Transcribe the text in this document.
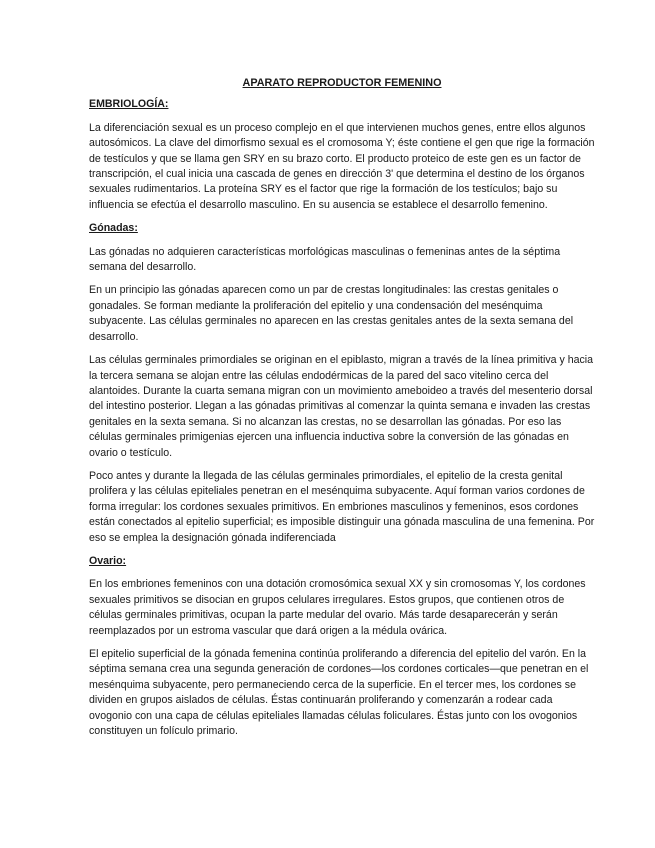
APARATO REPRODUCTOR FEMENINO
EMBRIOLOGÍA:

La diferenciación sexual es un proceso complejo en el que intervienen muchos genes, entre ellos algunos autosómicos. La clave del dimorfismo sexual es el cromosoma Y; éste contiene el gen que rige la formación de testículos y que se llama gen SRY en su brazo corto. El producto proteico de este gen es un factor de transcripción, el cual inicia una cascada de genes en dirección 3' que determina el destino de los órganos sexuales rudimentarios. La proteína SRY es el factor que rige la formación de los testículos; bajo su influencia se efectúa el desarrollo masculino. En su ausencia se establece el desarrollo femenino.

Gónadas:

Las gónadas no adquieren características morfológicas masculinas o femeninas antes de la séptima semana del desarrollo.

En un principio las gónadas aparecen como un par de crestas longitudinales: las crestas genitales o gonadales. Se forman mediante la proliferación del epitelio y una condensación del mesénquima subyacente. Las células germinales no aparecen en las crestas genitales antes de la sexta semana del desarrollo.

Las células germinales primordiales se originan en el epiblasto, migran a través de la línea primitiva y hacia la tercera semana se alojan entre las células endodérmicas de la pared del saco vitelino cerca del alantoides. Durante la cuarta semana migran con un movimiento ameboideo a través del mesenterio dorsal del intestino posterior. Llegan a las gónadas primitivas al comenzar la quinta semana e invaden las crestas genitales en la sexta semana. Si no alcanzan las crestas, no se desarrollan las gónadas. Por eso las células germinales primigenias ejercen una influencia inductiva sobre la conversión de las gónadas en ovario o testículo.

Poco antes y durante la llegada de las células germinales primordiales, el epitelio de la cresta genital prolifera y las células epiteliales penetran en el mesénquima subyacente. Aquí forman varios cordones de forma irregular: los cordones sexuales primitivos. En embriones masculinos y femeninos, esos cordones están conectados al epitelio superficial; es imposible distinguir una gónada masculina de una femenina. Por eso se emplea la designación gónada indiferenciada

Ovario:

En los embriones femeninos con una dotación cromosómica sexual XX y sin cromosomas Y, los cordones sexuales primitivos se disocian en grupos celulares irregulares. Estos grupos, que contienen otros de células germinales primitivas, ocupan la parte medular del ovario. Más tarde desaparecerán y serán reemplazados por un estroma vascular que dará origen a la médula ovárica.

El epitelio superficial de la gónada femenina continúa proliferando a diferencia del epitelio del varón. En la séptima semana crea una segunda generación de cordones—los cordones corticales—que penetran en el mesénquima subyacente, pero permaneciendo cerca de la superficie. En el tercer mes, los cordones se dividen en grupos aislados de células. Éstas continuarán proliferando y comenzarán a rodear cada ovogonio con una capa de células epiteliales llamadas células foliculares. Éstas junto con los ovogonios constituyen un folículo primario.
